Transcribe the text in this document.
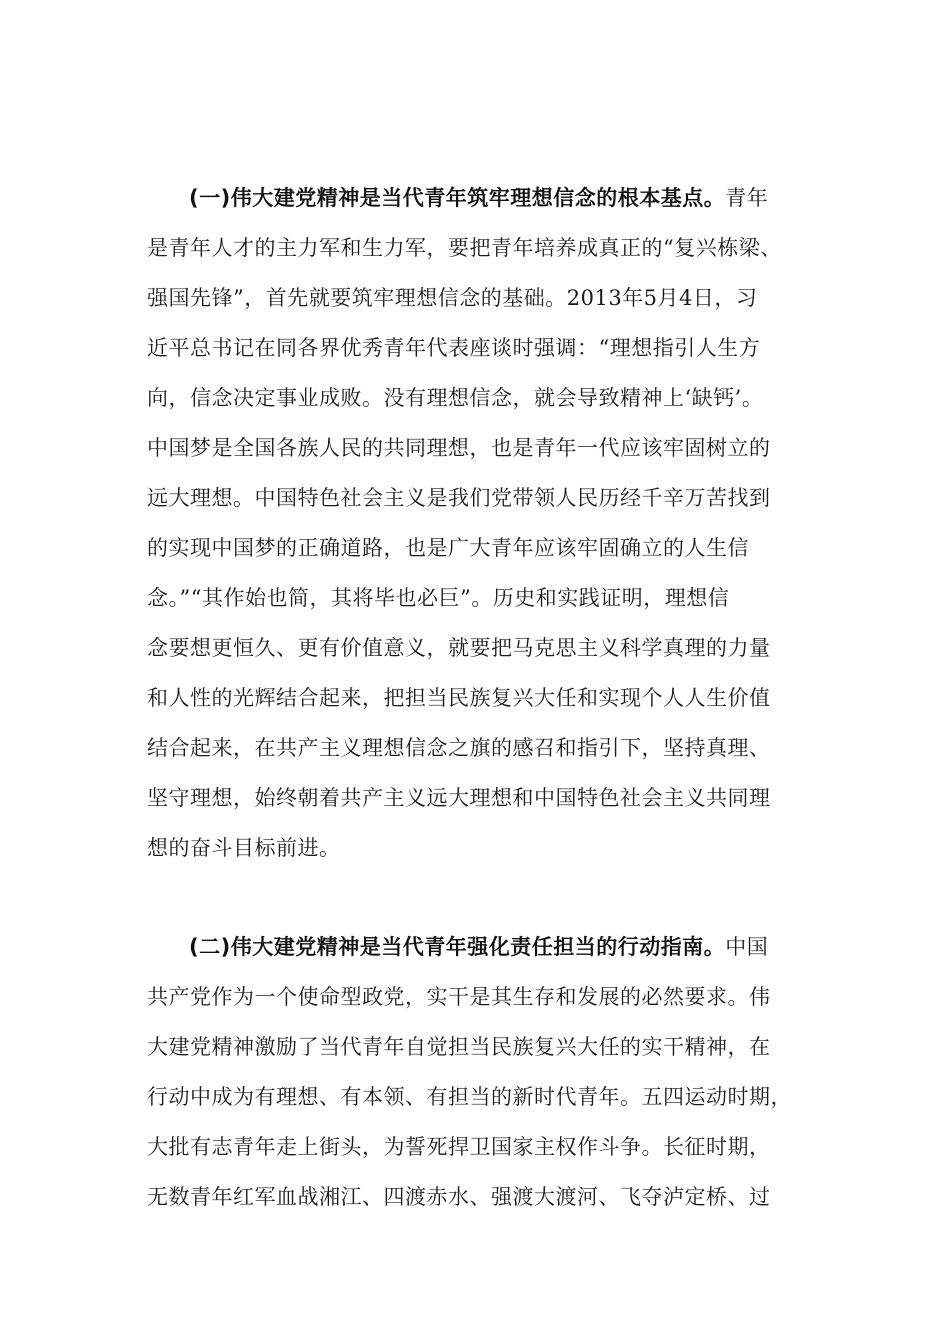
(一)伟大建党精神是当代青年筑牢理想信念的根本基点。青年
是青年人才的主力军和生力军，要把青年培养成真正的“复兴栋梁、
强国先锋”，首先就要筑牢理想信念的基础。2013年5月4日，习
近平总书记在同各界优秀青年代表座谈时强调：“理想指引人生方
向，信念决定事业成败。没有理想信念，就会导致精神上‘缺钙’。
中国梦是全国各族人民的共同理想，也是青年一代应该牢固树立的
远大理想。中国特色社会主义是我们党带领人民历经千辛万苦找到
的实现中国梦的正确道路，也是广大青年应该牢固确立的人生信
念。”“其作始也简，其将毕也必巨”。历史和实践证明，理想信
念要想更恒久、更有价值意义，就要把马克思主义科学真理的力量
和人性的光辉结合起来，把担当民族复兴大任和实现个人人生价值
结合起来，在共产主义理想信念之旗的感召和指引下，坚持真理、
坚守理想，始终朝着共产主义远大理想和中国特色社会主义共同理
想的奋斗目标前进。
(二)伟大建党精神是当代青年强化责任担当的行动指南。中国
共产党作为一个使命型政党，实干是其生存和发展的必然要求。伟
大建党精神激励了当代青年自觉担当民族复兴大任的实干精神，在
行动中成为有理想、有本领、有担当的新时代青年。五四运动时期，
大批有志青年走上街头，为誓死捍卫国家主权作斗争。长征时期，
无数青年红军血战湘江、四渡赤水、强渡大渡河、飞夺泸定桥、过
